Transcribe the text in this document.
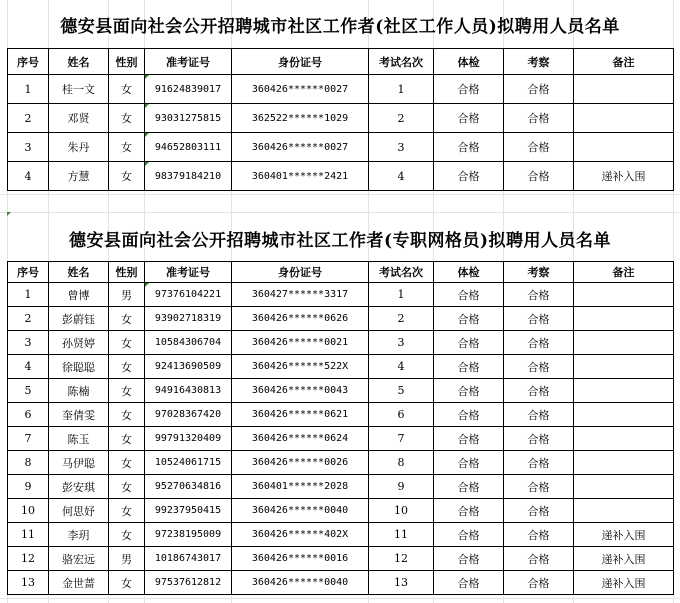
德安县面向社会公开招聘城市社区工作者(社区工作人员)拟聘用人员名单
序号	姓名	性别	准考证号	身份证号	考试名次	体检	考察	备注
1	桂一文	女	91624839017	360426******0027	1	合格	合格	
2	邓贤	女	93031275815	362522******1029	2	合格	合格	
3	朱丹	女	94652803111	360426******0027	3	合格	合格	
4	方慧	女	98379184210	360401******2421	4	合格	合格	递补入围
德安县面向社会公开招聘城市社区工作者(专职网格员)拟聘用人员名单
序号	姓名	性别	准考证号	身份证号	考试名次	体检	考察	备注
1	曾博	男	97376104221	360427******3317	1	合格	合格	
2	彭蔚钰	女	93902718319	360426******0626	2	合格	合格	
3	孙贤婷	女	10584306704	360426******0021	3	合格	合格	
4	徐聪聪	女	92413690509	360426******522X	4	合格	合格	
5	陈楠	女	94916430813	360426******0043	5	合格	合格	
6	奎倩雯	女	97028367420	360426******0621	6	合格	合格	
7	陈玉	女	99791320409	360426******0624	7	合格	合格	
8	马伊聪	女	10524061715	360426******0026	8	合格	合格	
9	彭安琪	女	95270634816	360401******2028	9	合格	合格	
10	何思妤	女	99237950415	360426******0040	10	合格	合格	
11	李玥	女	97238195009	360426******402X	11	合格	合格	递补入围
12	骆宏远	男	10186743017	360426******0016	12	合格	合格	递补入围
13	金世蔷	女	97537612812	360426******0040	13	合格	合格	递补入围
